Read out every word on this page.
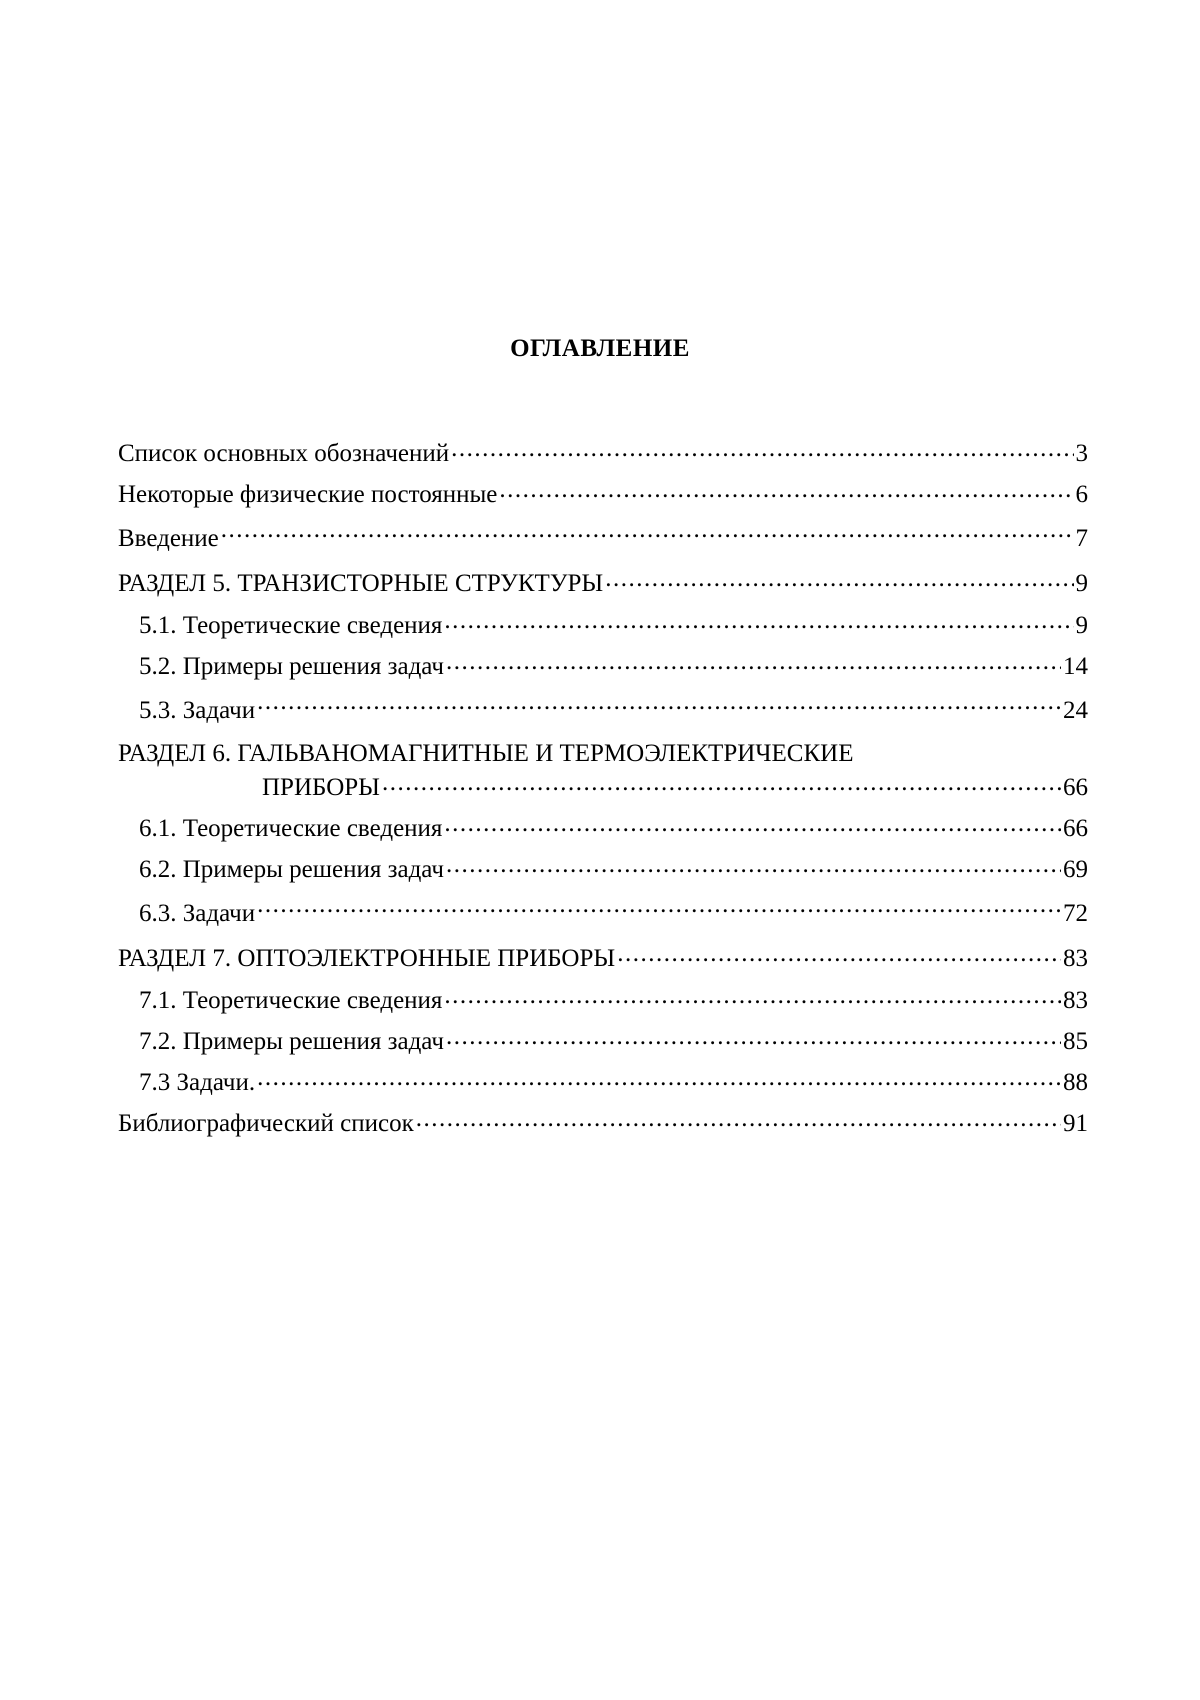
ОГЛАВЛЕНИЕ
Список основных обозначений .....	3
Некоторые физические постоянные .....	6
Введение .....	7
РАЗДЕЛ 5. ТРАНЗИСТОРНЫЕ СТРУКТУРЫ .....	9
5.1. Теоретические сведения .....	9
5.2. Примеры решения задач .....	14
5.3. Задачи .....	24
РАЗДЕЛ 6. ГАЛЬВАНОМАГНИТНЫЕ И ТЕРМОЭЛЕКТРИЧЕСКИЕ
ПРИБОРЫ .....	66
6.1. Теоретические сведения .....	66
6.2. Примеры решения задач .....	69
6.3. Задачи .....	72
РАЗДЕЛ 7. ОПТОЭЛЕКТРОННЫЕ ПРИБОРЫ .....	83
7.1. Теоретические сведения .....	83
7.2. Примеры решения задач .....	85
7.3 Задачи. .....	88
Библиографический список .....	91
